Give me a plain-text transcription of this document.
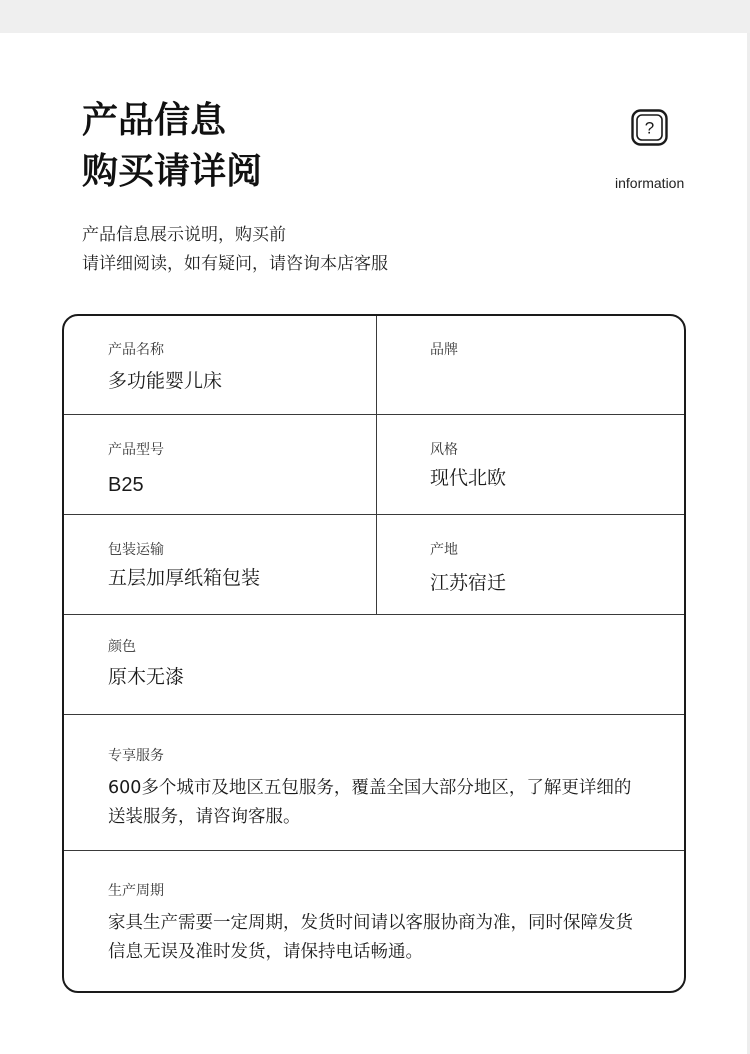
产品信息
购买请详阅
?
information
产品信息展示说明，购买前
请详细阅读，如有疑问，请咨询本店客服
产品名称
多功能婴儿床
品牌
产品型号
B25
风格
现代北欧
包装运输
五层加厚纸箱包装
产地
江苏宿迁
颜色
原木无漆
专享服务
600多个城市及地区五包服务，覆盖全国大部分地区，了解更详细的
送装服务，请咨询客服。
生产周期
家具生产需要一定周期，发货时间请以客服协商为准，同时保障发货
信息无误及准时发货，请保持电话畅通。
